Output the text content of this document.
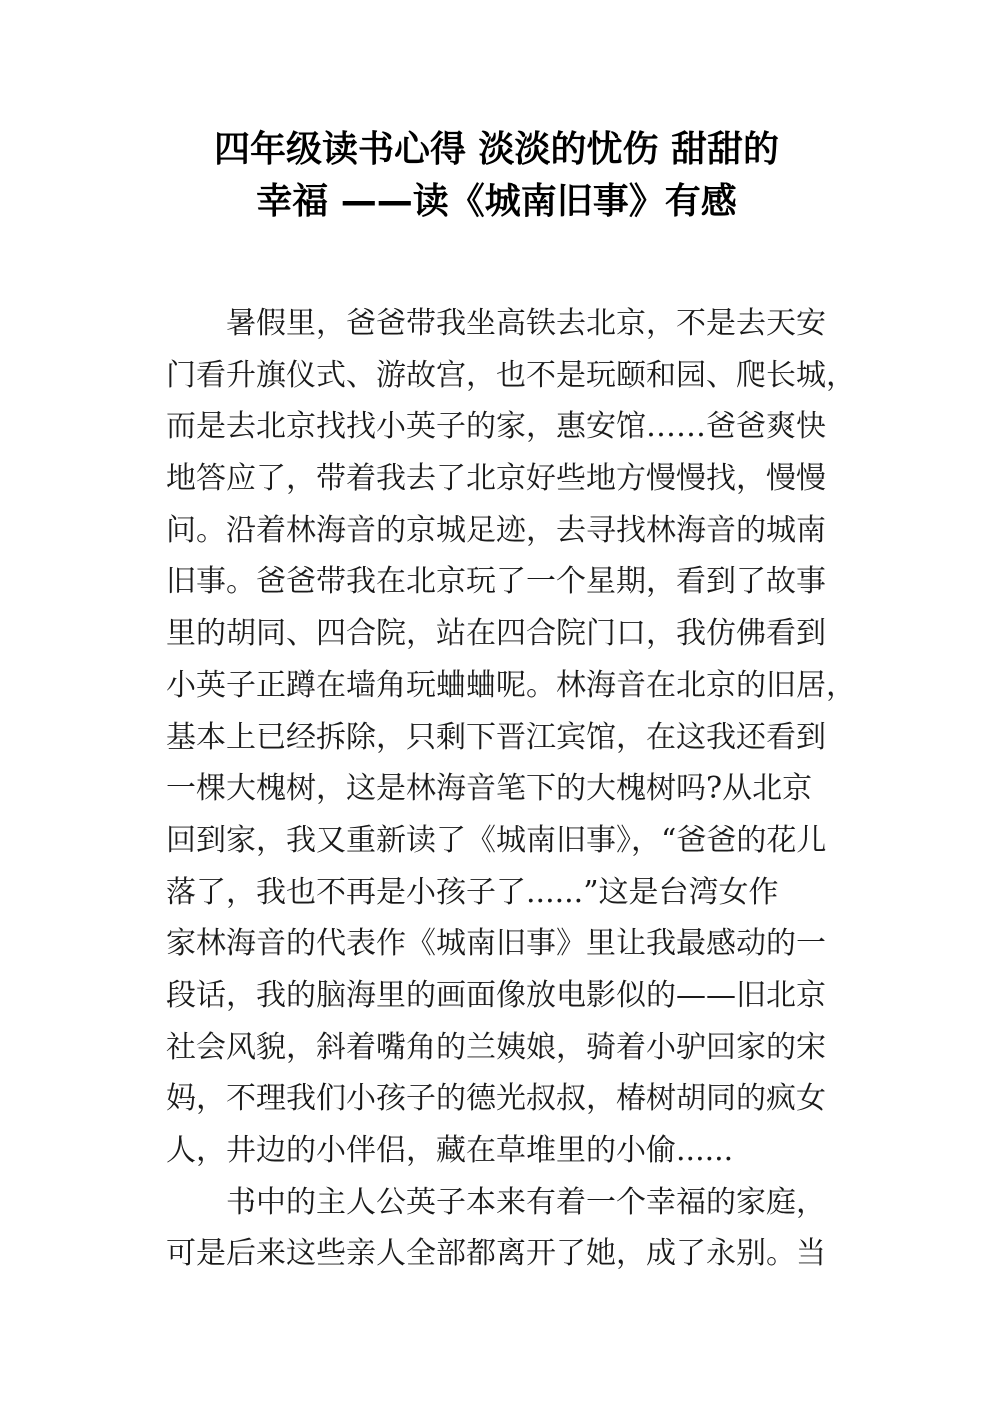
四年级读书心得 淡淡的忧伤 甜甜的
幸福 ——读《城南旧事》有感
暑假里，爸爸带我坐高铁去北京，不是去天安
门看升旗仪式、游故宫，也不是玩颐和园、爬长城，
而是去北京找找小英子的家，惠安馆……爸爸爽快
地答应了，带着我去了北京好些地方慢慢找，慢慢
问。沿着林海音的京城足迹，去寻找林海音的城南
旧事。爸爸带我在北京玩了一个星期，看到了故事
里的胡同、四合院，站在四合院门口，我仿佛看到
小英子正蹲在墙角玩蛐蛐呢。林海音在北京的旧居，
基本上已经拆除，只剩下晋江宾馆，在这我还看到
一棵大槐树，这是林海音笔下的大槐树吗?从北京
回到家，我又重新读了《城南旧事》，“爸爸的花儿
落了，我也不再是小孩子了......”这是台湾女作
家林海音的代表作《城南旧事》里让我最感动的一
段话，我的脑海里的画面像放电影似的——旧北京
社会风貌，斜着嘴角的兰姨娘，骑着小驴回家的宋
妈，不理我们小孩子的德光叔叔，椿树胡同的疯女
人，井边的小伴侣，藏在草堆里的小偷......
书中的主人公英子本来有着一个幸福的家庭，
可是后来这些亲人全部都离开了她，成了永别。当
